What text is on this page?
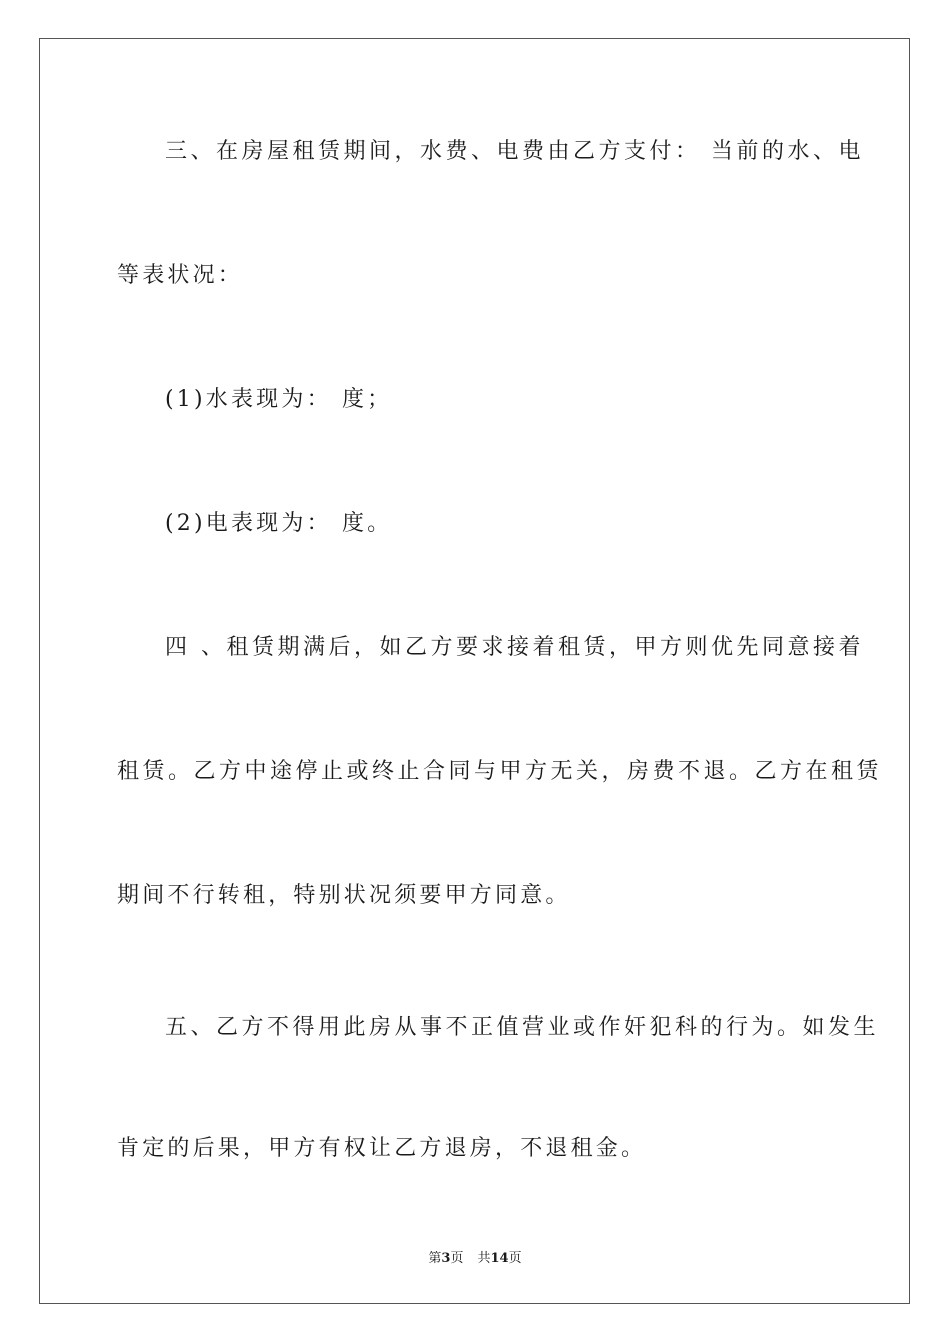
三、在房屋租赁期间，水费、电费由乙方支付： 当前的水、电
等表状况：
(1)水表现为： 度；
(2)电表现为： 度。
四 、租赁期满后，如乙方要求接着租赁，甲方则优先同意接着
租赁。乙方中途停止或终止合同与甲方无关，房费不退。乙方在租赁
期间不行转租，特别状况须要甲方同意。
五、乙方不得用此房从事不正值营业或作奸犯科的行为。如发生
肯定的后果，甲方有权让乙方退房，不退租金。
第3页 共14页
